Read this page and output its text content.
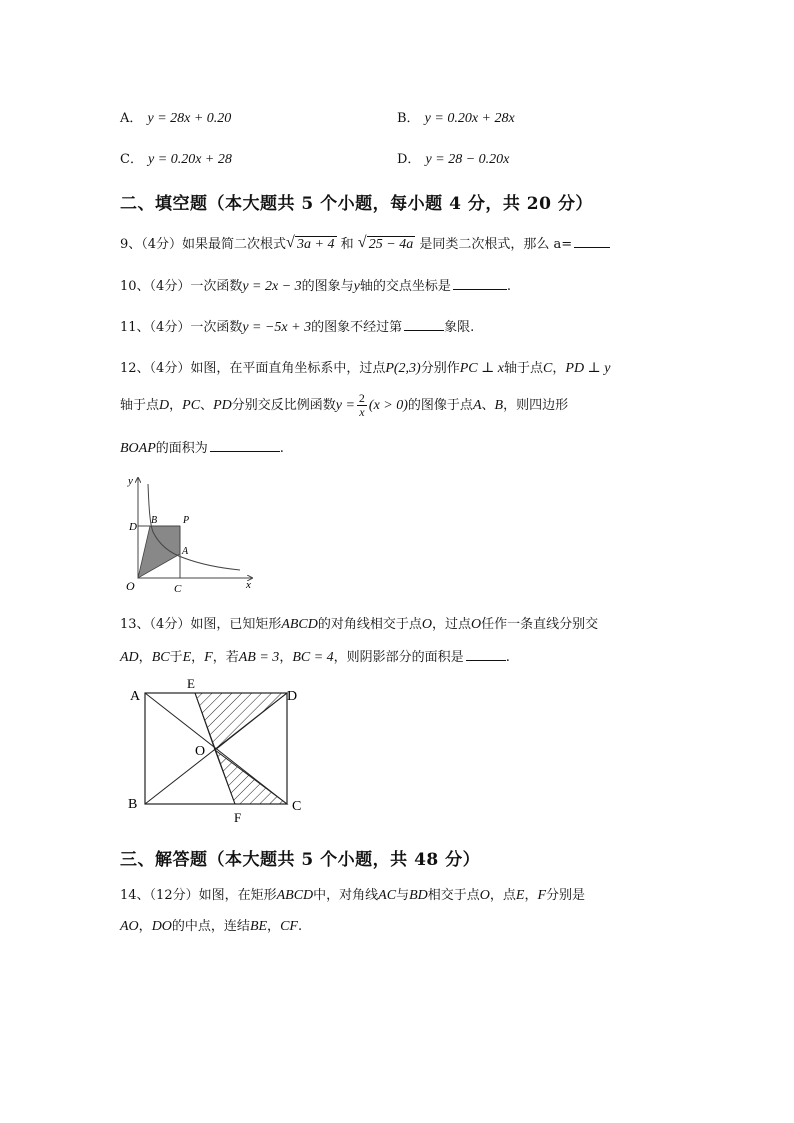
A． y = 28x + 0.20	B． y = 0.20x + 28x
C． y = 0.20x + 28	D． y = 28 − 0.20x
二、填空题（本大题共 5 个小题，每小题 4 分，共 20 分）
9、（4分）如果最简二次根式 √ 3a + 4 和 √ 25 − 4a 是同类二次根式，那么 a=
10、（4分）一次函数y = 2x − 3的图象与y轴的交点坐标是	.
11、（4分）一次函数y = −5x + 3的图象不经过第	象限.
12、（4分）如图，在平面直角坐标系中，过点P(2,3)分别作PC ⊥ x轴于点C，PD ⊥ y
轴于点D，PC、PD分别交反比例函数$y = \frac{2}{x} (x > 0)$的图像于点A、B，则四边形
BOAP的面积为	.
y
x
O
D
B	P
A
C
13、（4分）如图，已知矩形ABCD的对角线相交于点O，过点O任作一条直线分别交
AD，BC于E，F，若AB = 3，BC = 4，则阴影部分的面积是	.
A
E
D
O
B	C
F
三、解答题（本大题共 5 个小题，共 48 分）
14、（12分）如图，在矩形ABCD中，对角线AC与BD相交于点O，点E，F分别是
AO，DO的中点，连结BE，CF.
